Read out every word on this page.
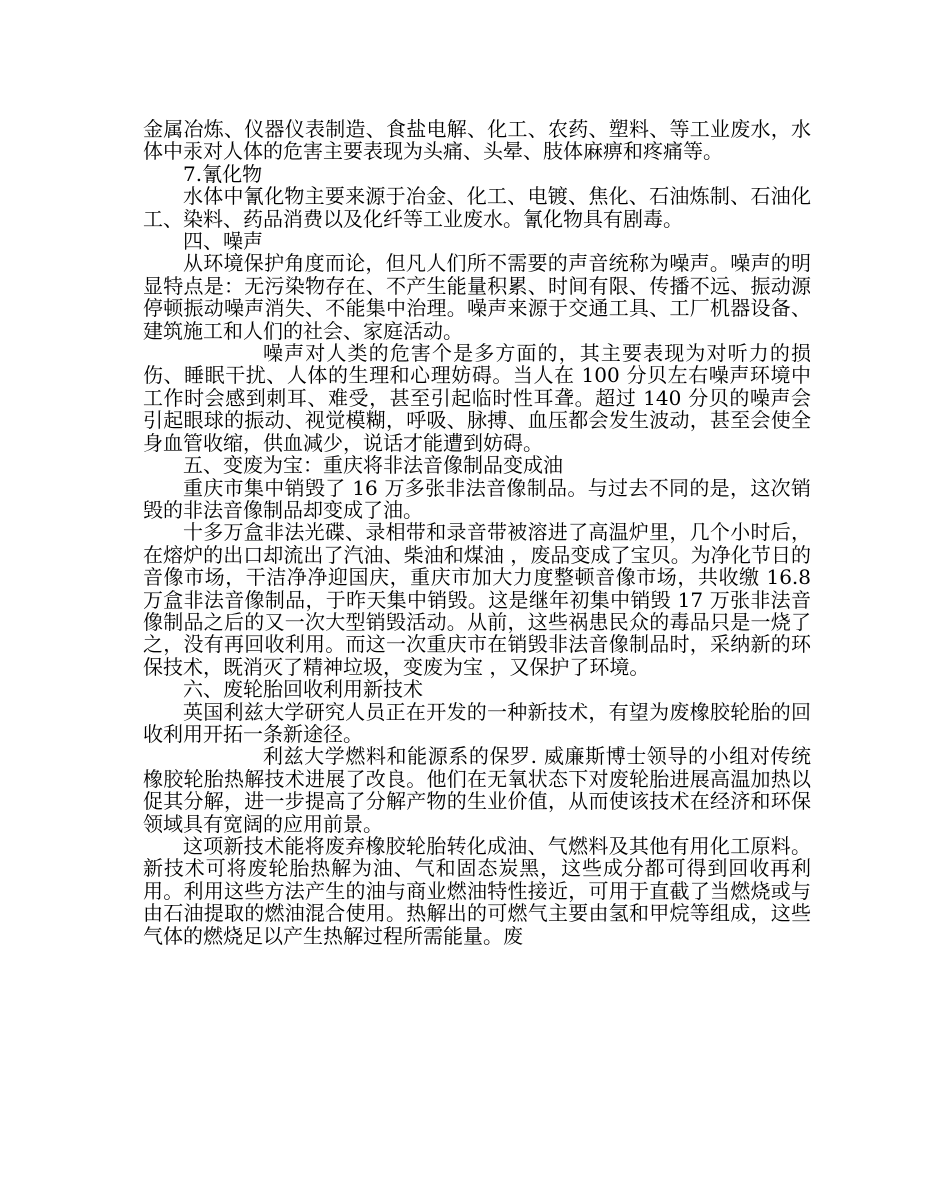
金属冶炼、仪器仪表制造、食盐电解、化工、农药、塑料、等工业废水，水体中汞对人体的危害主要表现为头痛、头晕、肢体麻痹和疼痛等。

7.氰化物

水体中氰化物主要来源于冶金、化工、电镀、焦化、石油炼制、石油化工、染料、药品消费以及化纤等工业废水。氰化物具有剧毒。

四、噪声

从环境保护角度而论，但凡人们所不需要的声音统称为噪声。噪声的明显特点是：无污染物存在、不产生能量积累、时间有限、传播不远、振动源停顿振动噪声消失、不能集中治理。噪声来源于交通工具、工厂机器设备、建筑施工和人们的社会、家庭活动。

噪声对人类的危害个是多方面的，其主要表现为对听力的损伤、睡眠干扰、人体的生理和心理妨碍。当人在 100 分贝左右噪声环境中工作时会感到刺耳、难受，甚至引起临时性耳聋。超过 140 分贝的噪声会引起眼球的振动、视觉模糊，呼吸、脉搏、血压都会发生波动，甚至会使全身血管收缩，供血减少，说话才能遭到妨碍。

五、变废为宝：重庆将非法音像制品变成油

重庆市集中销毁了 16 万多张非法音像制品。与过去不同的是，这次销毁的非法音像制品却变成了油。

十多万盒非法光碟、录相带和录音带被溶进了高温炉里，几个小时后，在熔炉的出口却流出了汽油、柴油和煤油 ，废品变成了宝贝。为净化节日的音像市场，干洁净净迎国庆，重庆市加大力度整顿音像市场，共收缴 16.8 万盒非法音像制品，于昨天集中销毁。这是继年初集中销毁 17 万张非法音像制品之后的又一次大型销毁活动。从前，这些祸患民众的毒品只是一烧了之，没有再回收利用。而这一次重庆市在销毁非法音像制品时，采纳新的环保技术，既消灭了精神垃圾，变废为宝 ，又保护了环境。

六、废轮胎回收利用新技术

英国利兹大学研究人员正在开发的一种新技术，有望为废橡胶轮胎的回收利用开拓一条新途径。

利兹大学燃料和能源系的保罗. 威廉斯博士领导的小组对传统橡胶轮胎热解技术进展了改良。他们在无氧状态下对废轮胎进展高温加热以促其分解，进一步提高了分解产物的生业价值，从而使该技术在经济和环保领域具有宽阔的应用前景。

这项新技术能将废弃橡胶轮胎转化成油、气燃料及其他有用化工原料。新技术可将废轮胎热解为油、气和固态炭黑，这些成分都可得到回收再利用。利用这些方法产生的油与商业燃油特性接近，可用于直截了当燃烧或与由石油提取的燃油混合使用。热解出的可燃气主要由氢和甲烷等组成，这些气体的燃烧足以产生热解过程所需能量。废
